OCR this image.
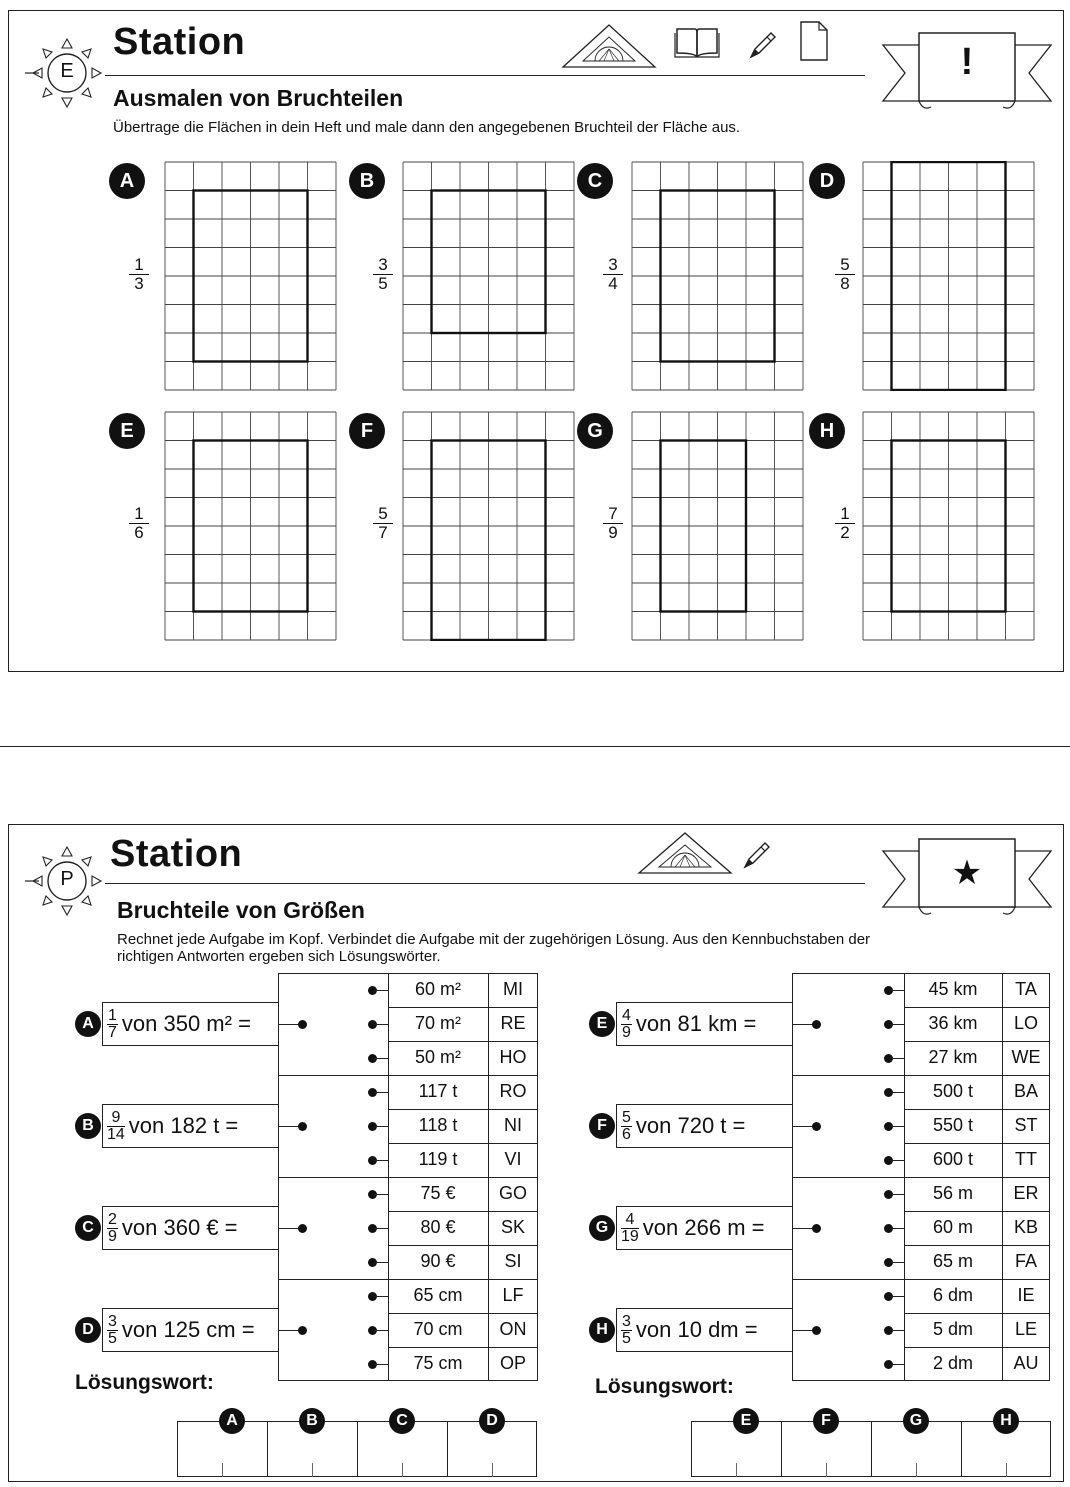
E
Station	!
Ausmalen von Bruchteilen
Übertrage die Flächen in dein Heft und male dann den angegebenen Bruchteil der Fläche aus.
A
$\frac{1}{3}$
B
$\frac{3}{5}$
C
$\frac{3}{4}$
D
$\frac{5}{8}$
E
$\frac{1}{6}$
F
$\frac{5}{7}$
G
$\frac{7}{9}$
H
$\frac{1}{2}$
P
Station	★
Bruchteile von Größen
Rechnet jede Aufgabe im Kopf. Verbindet die Aufgabe mit der zugehörigen Lösung. Aus den Kennbuchstaben der
richtigen Antworten ergeben sich Lösungswörter.
A $\frac{1}{7}$ von 350 m² =
60 m²	MI
70 m²	RE
50 m²	HO
B $\frac{9}{14}$ von 182 t =
117 t	RO
118 t	NI
119 t	VI
C $\frac{2}{9}$ von 360 € =
75 €	GO
80 €	SK
90 €	SI
D $\frac{3}{5}$ von 125 cm =
65 cm	LF
70 cm	ON
75 cm	OP
E $\frac{4}{9}$ von 81 km =
45 km	TA
36 km	LO
27 km	WE
F $\frac{5}{6}$ von 720 t =
500 t	BA
550 t	ST
600 t	TT
G $\frac{4}{19}$ von 266 m =
56 m	ER
60 m	KB
65 m	FA
H $\frac{3}{5}$ von 10 dm =
6 dm	IE
5 dm	LE
2 dm	AU
Lösungswort:	Lösungswort:
A	B	C	D	E	F	G	H
